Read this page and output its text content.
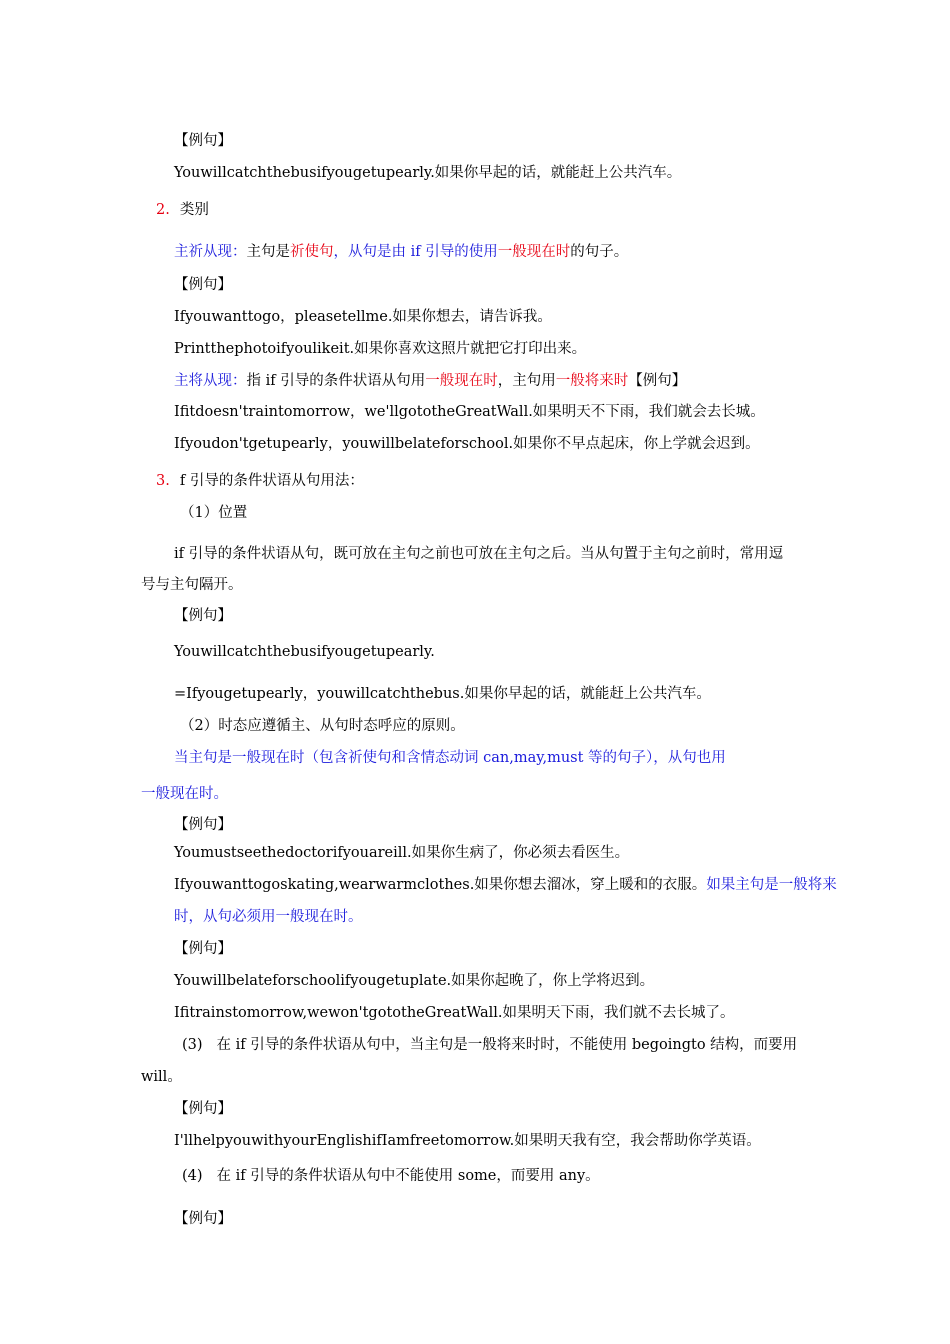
【例句】
Youwillcatchthebusifyougetupearly.如果你早起的话，就能赶上公共汽车。
2. 类别
主祈从现：主句是祈使句，从句是由 if 引导的使用一般现在时的句子。
【例句】
Ifyouwanttogo，pleasetellme.如果你想去，请告诉我。
Printthephotoifyoulikeit.如果你喜欢这照片就把它打印出来。
主将从现：指 if 引导的条件状语从句用一般现在时，主句用一般将来时【例句】
Ifitdoesn'traintomorrow，we'llgototheGreatWall.如果明天不下雨，我们就会去长城。
Ifyoudon'tgetupearly，youwillbelateforschool.如果你不早点起床，你上学就会迟到。
3. f 引导的条件状语从句用法：
（1）位置
if 引导的条件状语从句，既可放在主句之前也可放在主句之后。当从句置于主句之前时，常用逗
号与主句隔开。
【例句】
Youwillcatchthebusifyougetupearly.
=Ifyougetupearly，youwillcatchthebus.如果你早起的话，就能赶上公共汽车。
（2）时态应遵循主、从句时态呼应的原则。
当主句是一般现在时（包含祈使句和含情态动词 can,may,must 等的句子），从句也用
一般现在时。
【例句】
Youmustseethedoctorifyouareill.如果你生病了，你必须去看医生。
Ifyouwanttogoskating,wearwarmclothes.如果你想去溜冰，穿上暖和的衣服。如果主句是一般将来
时，从句必须用一般现在时。
【例句】
Youwillbelateforschoolifyougetuplate.如果你起晚了，你上学将迟到。
Ifitrainstomorrow,wewon'tgototheGreatWall.如果明天下雨，我们就不去长城了。
(3) 在 if 引导的条件状语从句中，当主句是一般将来时时，不能使用 begoingto 结构，而要用
will。
【例句】
I'llhelpyouwithyourEnglishifIamfreetomorrow.如果明天我有空，我会帮助你学英语。
(4) 在 if 引导的条件状语从句中不能使用 some，而要用 any。
【例句】
